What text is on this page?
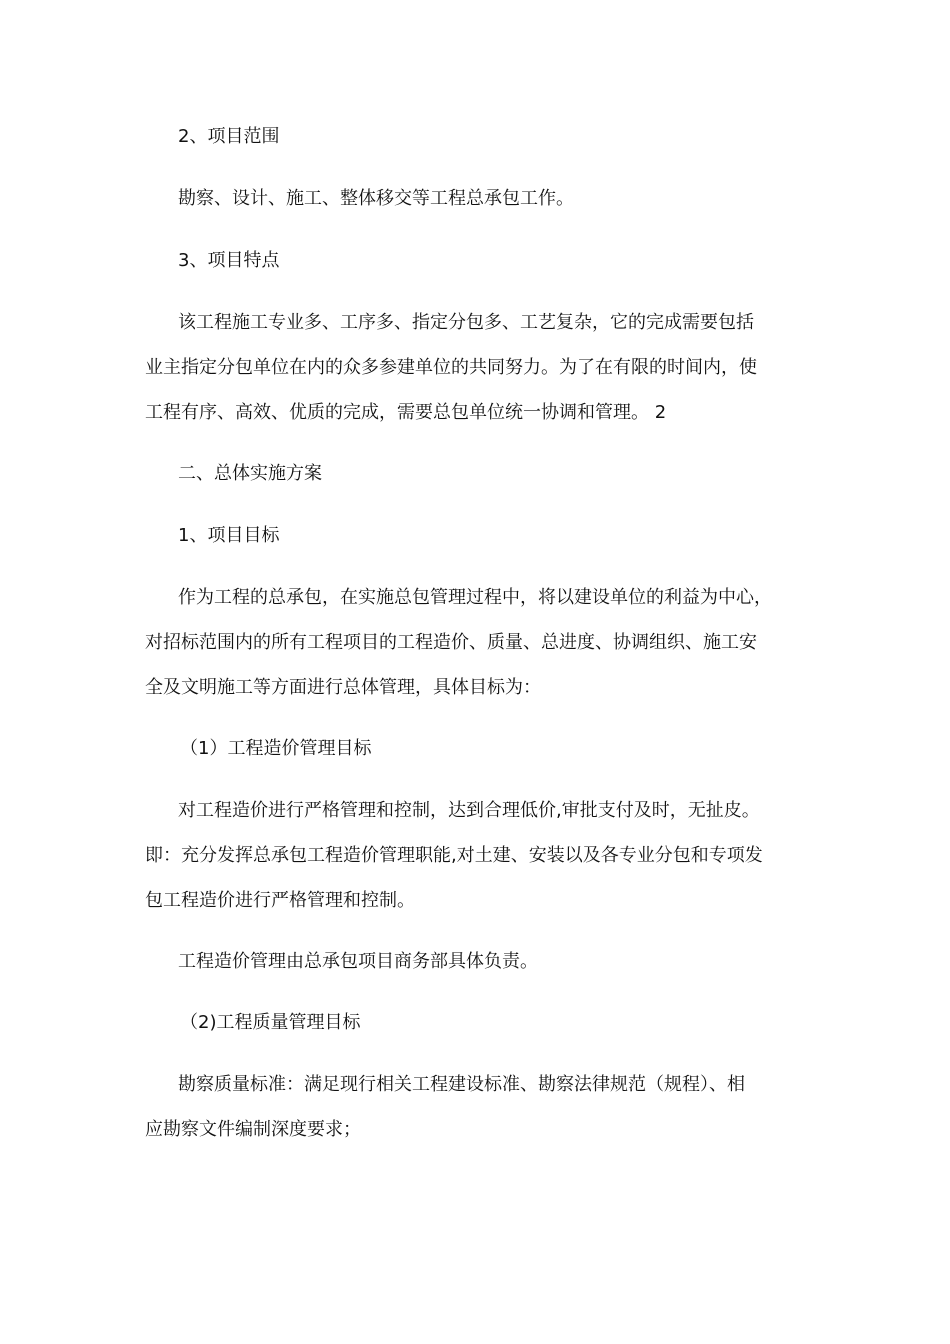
2、项目范围

勘察、设计、施工、整体移交等工程总承包工作。

3、项目特点

该工程施工专业多、工序多、指定分包多、工艺复杂，它的完成需要包括

业主指定分包单位在内的众多参建单位的共同努力。为了在有限的时间内，使

工程有序、高效、优质的完成，需要总包单位统一协调和管理。 2

二、总体实施方案

1、项目目标

作为工程的总承包，在实施总包管理过程中，将以建设单位的利益为中心，

对招标范围内的所有工程项目的工程造价、质量、总进度、协调组织、施工安

全及文明施工等方面进行总体管理，具体目标为：

（1）工程造价管理目标

对工程造价进行严格管理和控制，达到合理低价,审批支付及时，无扯皮。

即：充分发挥总承包工程造价管理职能,对土建、安装以及各专业分包和专项发

包工程造价进行严格管理和控制。

工程造价管理由总承包项目商务部具体负责。

（2)工程质量管理目标

勘察质量标准：满足现行相关工程建设标准、勘察法律规范（规程）、相

应勘察文件编制深度要求；
